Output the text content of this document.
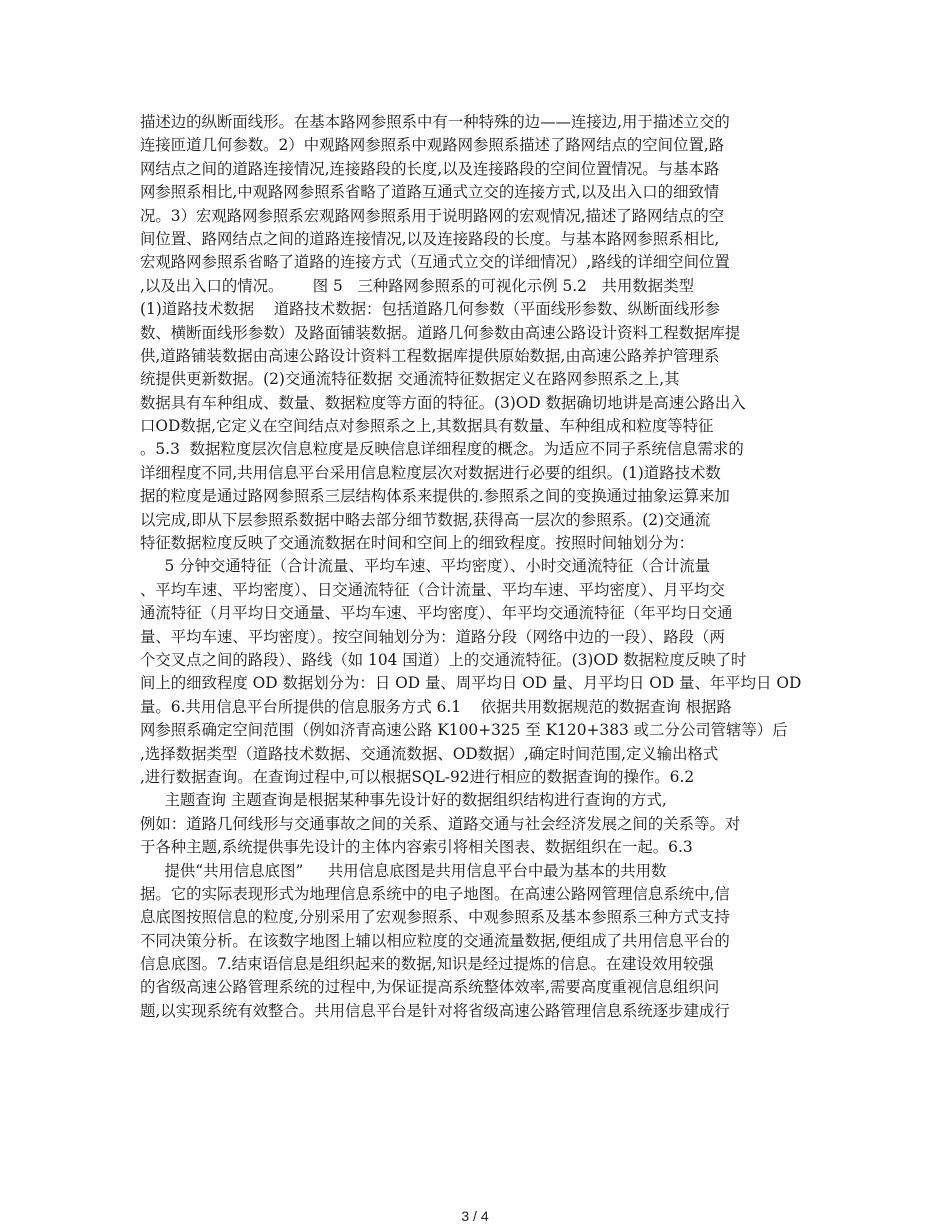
描述边的纵断面线形。在基本路网参照系中有一种特殊的边——连接边,用于描述立交的
连接匝道几何参数。2）中观路网参照系中观路网参照系描述了路网结点的空间位置,路
网结点之间的道路连接情况,连接路段的长度,以及连接路段的空间位置情况。与基本路
网参照系相比,中观路网参照系省略了道路互通式立交的连接方式,以及出入口的细致情
况。3）宏观路网参照系宏观路网参照系用于说明路网的宏观情况,描述了路网结点的空
间位置、路网结点之间的道路连接情况,以及连接路段的长度。与基本路网参照系相比,
宏观路网参照系省略了道路的连接方式（互通式立交的详细情况）,路线的详细空间位置
,以及出入口的情况。      图 5   三种路网参照系的可视化示例 5.2   共用数据类型
(1)道路技术数据    道路技术数据：包括道路几何参数（平面线形参数、纵断面线形参
数、横断面线形参数）及路面铺装数据。道路几何参数由高速公路设计资料工程数据库提
供,道路铺装数据由高速公路设计资料工程数据库提供原始数据,由高速公路养护管理系
统提供更新数据。(2)交通流特征数据 交通流特征数据定义在路网参照系之上,其
数据具有车种组成、数量、数据粒度等方面的特征。(3)OD 数据确切地讲是高速公路出入
口OD数据,它定义在空间结点对参照系之上,其数据具有数量、车种组成和粒度等特征
。5.3  数据粒度层次信息粒度是反映信息详细程度的概念。为适应不同子系统信息需求的
详细程度不同,共用信息平台采用信息粒度层次对数据进行必要的组织。(1)道路技术数
据的粒度是通过路网参照系三层结构体系来提供的.参照系之间的变换通过抽象运算来加
以完成,即从下层参照系数据中略去部分细节数据,获得高一层次的参照系。(2)交通流
特征数据粒度反映了交通流数据在时间和空间上的细致程度。按照时间轴划分为：
5 分钟交通特征（合计流量、平均车速、平均密度）、小时交通流特征（合计流量
、平均车速、平均密度）、日交通流特征（合计流量、平均车速、平均密度）、月平均交
通流特征（月平均日交通量、平均车速、平均密度）、年平均交通流特征（年平均日交通
量、平均车速、平均密度）。按空间轴划分为：道路分段（网络中边的一段）、路段（两
个交叉点之间的路段）、路线（如 104 国道）上的交通流特征。(3)OD 数据粒度反映了时
间上的细致程度 OD 数据划分为：日 OD 量、周平均日 OD 量、月平均日 OD 量、年平均日 OD
量。6.共用信息平台所提供的信息服务方式 6.1    依据共用数据规范的数据查询 根据路
网参照系确定空间范围（例如济青高速公路 K100+325 至 K120+383 或二分公司管辖等）后
,选择数据类型（道路技术数据、交通流数据、OD数据）,确定时间范围,定义输出格式
,进行数据查询。在查询过程中,可以根据SQL-92进行相应的数据查询的操作。6.2
主题查询 主题查询是根据某种事先设计好的数据组织结构进行查询的方式,
例如：道路几何线形与交通事故之间的关系、道路交通与社会经济发展之间的关系等。对
于各种主题,系统提供事先设计的主体内容索引将相关图表、数据组织在一起。6.3
提供“共用信息底图”     共用信息底图是共用信息平台中最为基本的共用数
据。它的实际表现形式为地理信息系统中的电子地图。在高速公路网管理信息系统中,信
息底图按照信息的粒度,分别采用了宏观参照系、中观参照系及基本参照系三种方式支持
不同决策分析。在该数字地图上辅以相应粒度的交通流量数据,便组成了共用信息平台的
信息底图。7.结束语信息是组织起来的数据,知识是经过提炼的信息。在建设效用较强
的省级高速公路管理系统的过程中,为保证提高系统整体效率,需要高度重视信息组织问
题,以实现系统有效整合。共用信息平台是针对将省级高速公路管理信息系统逐步建成行
3 / 4
